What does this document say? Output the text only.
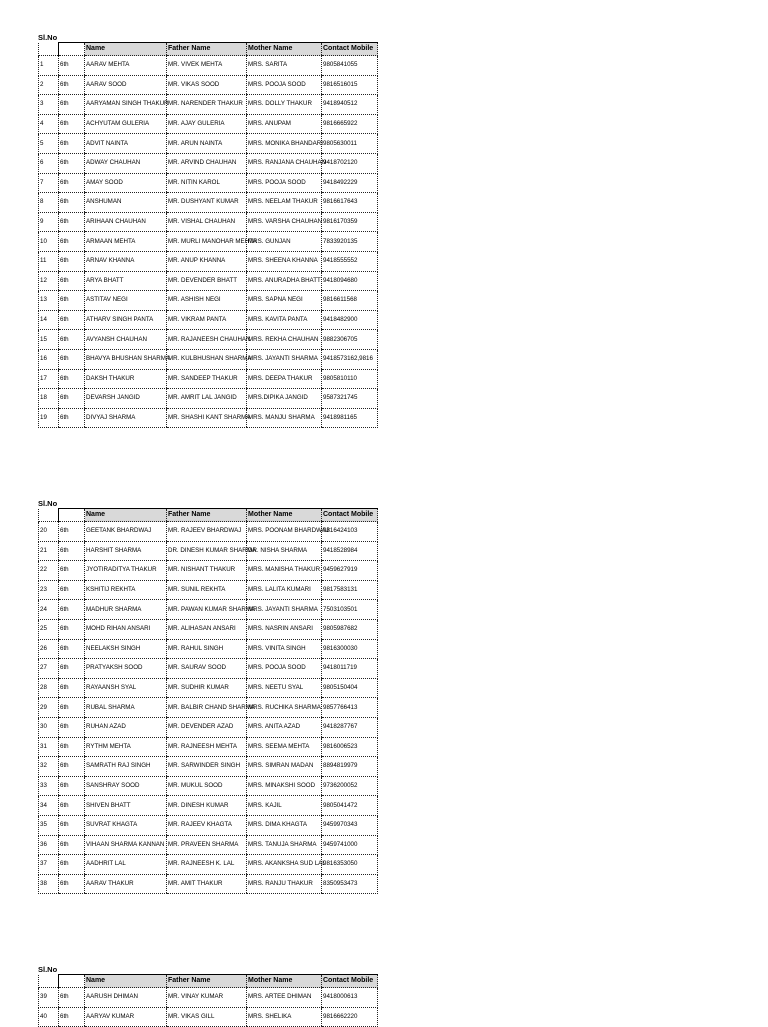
Sl.No
		Name	Father Name	Mother Name	Contact Mobile
1	6th	AARAV MEHTA	MR. VIVEK MEHTA	MRS. SARITA	9805841055
2	6th	AARAV SOOD	MR. VIKAS SOOD	MRS. POOJA SOOD	9816516015
3	6th	AARYAMAN SINGH THAKUR	MR. NARENDER THAKUR	MRS. DOLLY THAKUR	9418940512
4	6th	ACHYUTAM GULERIA	MR. AJAY GULERIA	MRS. ANUPAM	9816665922
5	6th	ADVIT NAINTA	MR. ARUN NAINTA	MRS. MONIKA BHANDARI	9805630011
6	6th	ADWAY CHAUHAN	MR. ARVIND CHAUHAN	MRS. RANJANA CHAUHAN	9418702120
7	6th	AMAY SOOD	MR. NITIN KAROL	MRS. POOJA SOOD	9418492229
8	6th	ANSHUMAN	MR. DUSHYANT KUMAR	MRS. NEELAM THAKUR	9816617643
9	6th	ARIHAAN CHAUHAN	MR. VISHAL CHAUHAN	MRS. VARSHA CHAUHAN	9816170359
10	6th	ARMAAN MEHTA	MR. MURLI MANOHAR MEHTA	MRS. GUNJAN	7833920135
11	6th	ARNAV KHANNA	MR. ANUP KHANNA	MRS. SHEENA KHANNA	9418555552
12	6th	ARYA BHATT	MR. DEVENDER BHATT	MRS. ANURADHA BHATT	9418094680
13	6th	ASTITAV NEGI	MR. ASHISH NEGI	MRS. SAPNA NEGI	9816611568
14	6th	ATHARV SINGH PANTA	MR. VIKRAM PANTA	MRS. KAVITA PANTA	9418482900
15	6th	AVYANSH CHAUHAN	MR. RAJANEESH CHAUHAN	MRS. REKHA CHAUHAN	9882306705
16	6th	BHAVYA BHUSHAN SHARMA	MR. KULBHUSHAN SHARMA	MRS. JAYANTI SHARMA	9418573162,9816
17	6th	DAKSH THAKUR	MR. SANDEEP THAKUR	MRS. DEEPA THAKUR	9805810110
18	6th	DEVARSH JANGID	MR. AMRIT LAL JANGID	MRS.DIPIKA JANGID	9587321745
19	6th	DIVYAJ SHARMA	MR. SHASHI KANT SHARMA	MRS. MANJU SHARMA	9418981165
Sl.No
		Name	Father Name	Mother Name	Contact Mobile
20	6th	GEETANK BHARDWAJ	MR. RAJEEV BHARDWAJ	MRS. POONAM BHARDWAJ	9816424103
21	6th	HARSHIT SHARMA	DR. DINESH KUMAR SHARMA	DR. NISHA SHARMA	9418528984
22	6th	JYOTIRADITYA THAKUR	MR. NISHANT THAKUR	MRS. MANISHA THAKUR	9459627919
23	6th	KSHITIJ REKHTA	MR. SUNIL REKHTA	MRS. LALITA KUMARI	9817583131
24	6th	MADHUR SHARMA	MR. PAWAN KUMAR SHARMA	MRS. JAYANTI SHARMA	7503103501
25	6th	MOHD RIHAN ANSARI	MR. ALIHASAN ANSARI	MRS. NASRIN ANSARI	9805987682
26	6th	NEELAKSH SINGH	MR. RAHUL SINGH	MRS. VINITA SINGH	9816300030
27	6th	PRATYAKSH SOOD	MR. SAURAV SOOD	MRS. POOJA SOOD	9418011719
28	6th	RAYAANSH SYAL	MR. SUDHIR KUMAR	MRS. NEETU SYAL	9805150404
29	6th	RUBAL SHARMA	MR. BALBIR CHAND SHARMA	MRS. RUCHIKA SHARMA	9857766413
30	6th	RUHAN AZAD	MR. DEVENDER AZAD	MRS. ANITA AZAD	9418287767
31	6th	RYTHM MEHTA	MR. RAJNEESH MEHTA	MRS. SEEMA MEHTA	9816006523
32	6th	SAMRATH RAJ SINGH	MR. SARWINDER SINGH	MRS. SIMRAN MADAN	8894819979
33	6th	SANSHRAY SOOD	MR. MUKUL SOOD	MRS. MINAKSHI SOOD	9736200052
34	6th	SHIVEN BHATT	MR. DINESH KUMAR	MRS. KAJIL	9805041472
35	6th	SUVRAT KHAGTA	MR. RAJEEV KHAGTA	MRS. DIMA KHAGTA	9459970343
36	6th	VIHAAN SHARMA KANNAN	MR. PRAVEEN SHARMA	MRS. TANUJA SHARMA	9459741000
37	6th	AADHRIT LAL	MR. RAJNEESH K. LAL	MRS. AKANKSHA SUD LAL	9816353050
38	6th	AARAV THAKUR	MR. AMIT THAKUR	MRS. RANJU THAKUR	8350953473
Sl.No
		Name	Father Name	Mother Name	Contact Mobile
39	6th	AARUSH DHIMAN	MR. VINAY KUMAR	MRS. ARTEE DHIMAN	9418000613
40	6th	AARYAV KUMAR	MR. VIKAS GILL	MRS. SHELIKA	9816662220
